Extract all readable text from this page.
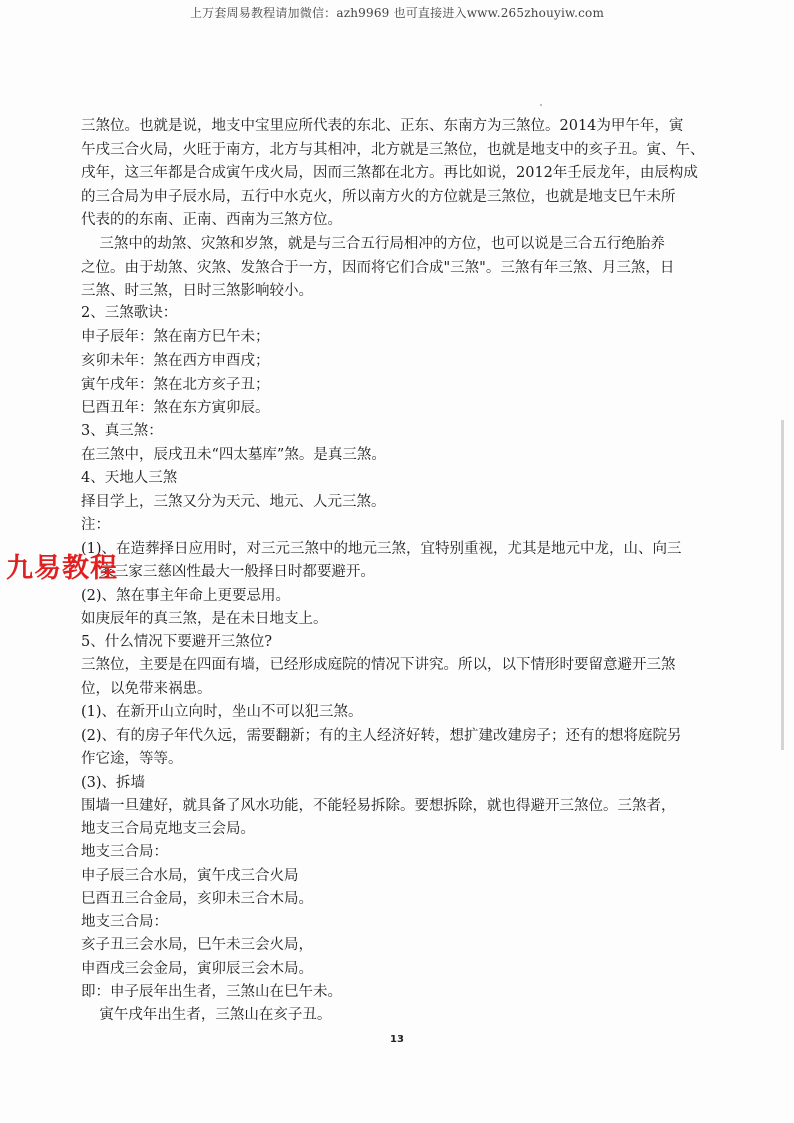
上万套周易教程请加微信：azh9969 也可直接进入www.265zhouyiw.com
三煞位。也就是说，地支中宝里应所代表的东北、正东、东南方为三煞位。2014为甲午年，寅
午戌三合火局，火旺于南方，北方与其相冲，北方就是三煞位，也就是地支中的亥子丑。寅、午、
戌年，这三年都是合成寅午戌火局，因而三煞都在北方。再比如说，2012年壬辰龙年，由辰构成
的三合局为申子辰水局，五行中水克火，所以南方火的方位就是三煞位，也就是地支巳午未所
代表的的东南、正南、西南为三煞方位。
三煞中的劫煞、灾煞和岁煞，就是与三合五行局相冲的方位，也可以说是三合五行绝胎养
之位。由于劫煞、灾煞、发煞合于一方，因而将它们合成"三煞"。三煞有年三煞、月三煞，日
三煞、时三煞，日时三煞影响较小。
2、三煞歌诀：
申子辰年：煞在南方巳午未；
亥卯未年：煞在西方申酉戌；
寅午戌年：煞在北方亥子丑；
巳酉丑年：煞在东方寅卯辰。
3、真三煞：
在三煞中，辰戌丑未“四太墓库”煞。是真三煞。
4、天地人三煞
择目学上，三煞又分为天元、地元、人元三煞。
注：
(1)、在造葬择日应用时，对三元三煞中的地元三煞，宜特别重视，尤其是地元中龙，山、向三
家三家三慈凶性最大一般择日时都要避开。
(2)、煞在事主年命上更要忌用。
如庚辰年的真三煞，是在未日地支上。
5、什么情况下要避开三煞位?
三煞位，主要是在四面有墙，已经形成庭院的情况下讲究。所以，以下情形时要留意避开三煞
位，以免带来祸患。
(1)、在新开山立向时，坐山不可以犯三煞。
(2)、有的房子年代久远，需要翻新；有的主人经济好转，想扩建改建房子；还有的想将庭院另
作它途，等等。
(3)、拆墙
围墙一旦建好，就具备了风水功能，不能轻易拆除。要想拆除，就也得避开三煞位。三煞者，
地支三合局克地支三会局。
地支三合局：
申子辰三合水局，寅午戌三合火局
巳酉丑三合金局，亥卯未三合木局。
地支三合局：
亥子丑三会水局，巳午未三会火局，
申酉戌三会金局，寅卯辰三会木局。
即：申子辰年出生者，三煞山在巳午未。
寅午戌年出生者，三煞山在亥子丑。
九易教程
13
